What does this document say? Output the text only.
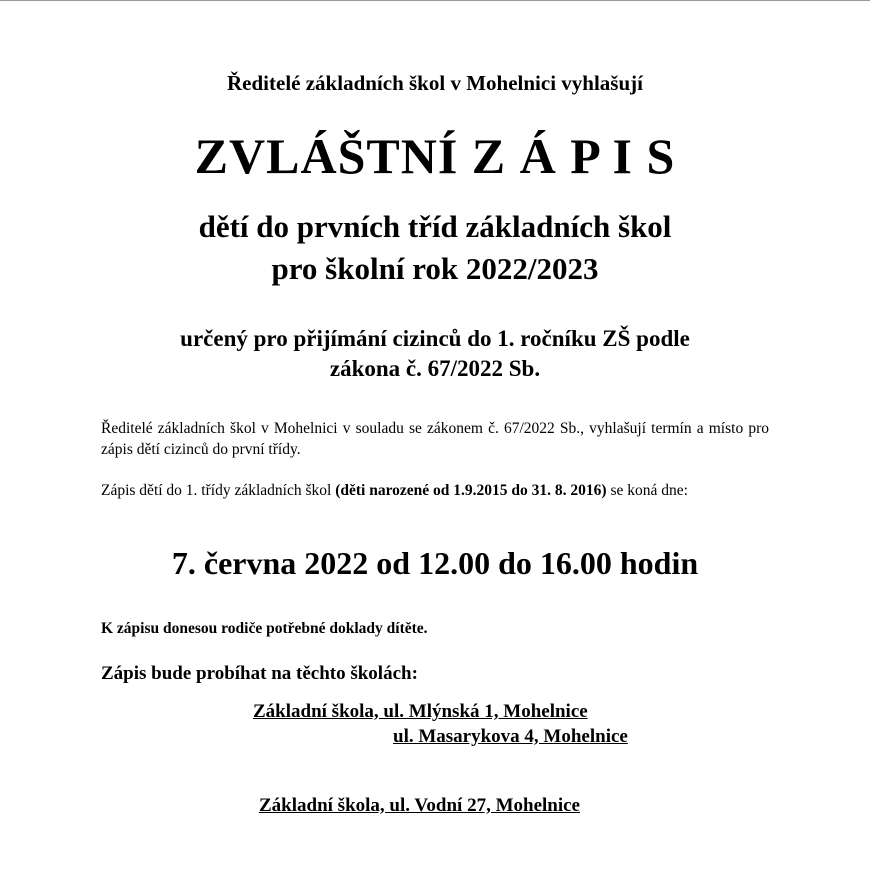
Ředitelé základních škol v Mohelnici vyhlašují
ZVLÁŠTNÍ Z Á P I S
dětí do prvních tříd základních škol
pro školní rok 2022/2023
určený pro přijímání cizinců do 1. ročníku ZŠ podle
zákona č. 67/2022 Sb.
Ředitelé základních škol v Mohelnici v souladu se zákonem č. 67/2022 Sb., vyhlašují termín a místo pro zápis dětí cizinců do první třídy.
Zápis dětí do 1. třídy základních škol (děti narozené od 1.9.2015 do 31. 8. 2016) se koná dne:
7. června 2022 od 12.00 do 16.00 hodin
K zápisu donesou rodiče potřebné doklady dítěte.
Zápis bude probíhat na těchto školách:
Základní škola, ul. Mlýnská 1, Mohelnice
ul. Masarykova 4, Mohelnice
Základní škola, ul. Vodní 27, Mohelnice
